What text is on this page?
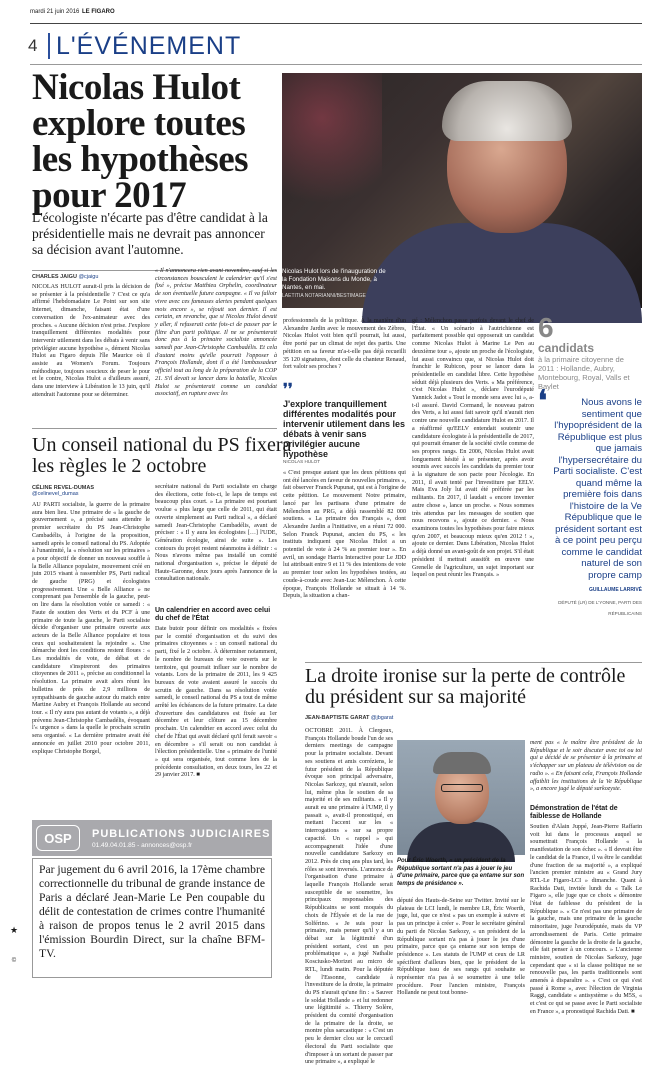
mardi 21 juin 2016 LE FIGARO
4 L'ÉVÉNEMENT
Nicolas Hulot explore toutes les hypothèses pour 2017
L'écologiste n'écarte pas d'être candidat à la présidentielle mais ne devrait pas annoncer sa décision avant l'automne.
Nicolas Hulot lors de l'inauguration de la Fondation Maisons du Monde, à Nantes, en mai.
LAETITIA NOTARIANNI/BESTIMAGE
CHARLES JAIGU @cjaigu
NICOLAS HULOT aurait-il pris la décision de se présenter à la présidentielle ? C'est ce qu'a affirmé l'hebdomadaire Le Point sur son site Internet, dimanche, faisant état d'une conversation de l'ex-animateur avec des proches. « Aucune décision n'est prise. J'explore tranquillement différentes modalités pour intervenir utilement dans les débats à venir sans privilégier aucune hypothèse », dément Nicolas Hulot au Figaro depuis l'île Maurice où il assiste au Women's Forum. Toujours méthodique, toujours soucieux de peser le pour et le contre, Nicolas Hulot a d'ailleurs assuré, dans une interview à Libération le 13 juin, qu'il attendrait l'automne pour se déterminer.
« Il n'annoncera rien avant novembre, sauf si les circonstances bousculent le calendrier qu'il s'est fixé », précise Matthieu Orphelin, coordinateur de son éventuelle future campagne. « Il va falloir vivre avec ces fameuses alertes pendant quelques mois encore », se réjouit son dernier. Il est certain, en revanche, que si Nicolas Hulot devait y aller, il refuserait cette fois-ci de passer par le filtre d'un parti politique. Il ne se présenterait donc pas à la primaire socialiste annoncée samedi par Jean-Christophe Cambadélis. Et cela d'autant moins qu'elle pourrait l'opposer à François Hollande, dont il a été l'ambassadeur officiel tout au long de la préparation de la COP 21. S'il devait se lancer dans la bataille, Nicolas Hulot se présenterait comme un candidat associatif, en rupture avec les
professionnels de la politique. À la manière d'un Alexandre Jardin avec le mouvement des Zèbres, Nicolas Hulot voit bien qu'il pourrait, lui aussi, être porté par un climat de rejet des partis. Une pétition en sa faveur m'a-t-elle pas déjà recueilli 35 120 signatures, dont celle du chanteur Renaud, fort valoir ses proches ?
❜❜
J'explore tranquillement différentes modalités pour intervenir utilement dans les débats à venir sans privilégier aucune hypothèse
NICOLAS HULOT
« C'est presque autant que les deux pétitions qui ont été lancées en faveur de nouvelles primaires », fait observer Franck Pupunat, qui est à l'origine de cette pétition. Le mouvement Notre primaire, lancé par les partisans d'une primaire de Mélenchon au PRG, a déjà rassemblé 82 000 soutiens. « La primaire des Français », dont Alexandre Jardin a l'initiative, en a réuni 72 000. Selon Franck Pupunat, ancien du PS, « les instituts indiquent que Nicolas Hulot a un potentiel de vote à 24 % au premier tour ». En avril, un sondage Harris Interactive pour Le JDD lui attribuait entre 9 et 11 % des intentions de vote au premier tour selon les hypothèses testées, au coude-à-coude avec Jean-Luc Mélenchon. À cette époque, François Hollande se situait à 14 %. Depuis, la situation a chan-
gé : Mélenchon passe parfois devant le chef de l'État. « Un scénario à l'autrichienne est parfaitement possible qui opposerait un candidat comme Nicolas Hulot à Marine Le Pen au deuxième tour », ajoute un proche de l'écologiste, lui aussi convaincu que, si Nicolas Hulot doit franchir le Rubicon, pour se lancer dans la présidentielle en candidat libre. Cette hypothèse séduit déjà plusieurs des Verts. « Ma préférence, c'est Nicolas Hulot », déclare l'eurodéputé Yannick Jadot « Tout le monde sera avec lui », a-t-il assuré. David Cormand, le nouveau patron des Verts, a lui aussi fait savoir qu'il n'aurait rien contre une nouvelle candidature Hulot en 2017. Il a réaffirmé qu'EELV entendait soutenir une candidature écologiste à la présidentielle de 2017, qui pourrait émaner de la société civile comme de ses propres rangs. En 2006, Nicolas Hulot avait longuement hésité à se présenter, après avoir soumis avec succès les candidats du premier tour à la signature de son pacte pour l'écologie. En 2011, il avait tenté par l'investiture par EELV. Mais Eva Joly lui avait été préférée par les militants. En 2017, il laudait « encore inventer autre chose », lance un proche. « Nous sommes très attendus par les messages de soutien que nous recevons », ajoute ce dernier. « Nous examinons toutes les hypothèses pour faire mieux qu'en 2007, et beaucoup mieux qu'en 2012 ! », ajoute ce dernier. Dans Libération, Nicolas Hulot a déjà donné un avant-goût de son projet. S'il était président il mettrait aussitôt en œuvre une Grenelle de l'agriculture, un sujet important sur lequel on peut réunir les Français. »
6
candidats
à la primaire citoyenne de 2011 : Hollande, Aubry, Montebourg, Royal, Valls et Baylet
❛	Nous avons le sentiment que l'hypoprésident de la République est plus que jamais l'hypersecrétaire du Parti socialiste. C'est quand même la première fois dans l'histoire de la Ve République que le président sortant est à ce point peu perçu comme le candidat naturel de son propre camp
GUILLAUME LARRIVÉ
DÉPUTÉ (LR) DE L'YONNE, PARTI DES RÉPUBLICAINS
Un conseil national du PS fixera les règles le 2 octobre
CÉLINE REVEL-DUMAS
@celinevel_dumas
AU PARTI socialiste, la guerre de la primaire aura bien lieu. Une primaire de « la gauche de gouvernement », a précisé sans attendre le premier secrétaire du PS Jean-Christophe Cambadélis, à l'origine de la proposition, samedi après le conseil national du PS. Adoptée à l'unanimité, la « résolution sur les primaires » a pour objectif de donner un nouveau souffle à la Belle Alliance populaire, mouvement créé en juin 2015 visant à rassembler PS, Parti radical de gauche (PRG) et écologistes progressivement. Une « Belle Alliance » ne comprenant pas l'ensemble de la gauche, peut-on lire dans la résolution votée ce samedi : « Faute de soutien des Verts et du PCF à une primaire de toute la gauche, le Parti socialiste décide d'organiser une primaire ouverte aux acteurs de la Belle Alliance populaire et tous ceux qui souhaiteraient la rejoindre ». Une démarche dont les conditions restent floues : « Les modalités de vote, de débat et de candidature s'inspireront des primaires citoyennes de 2011 », précise au conditionnel la résolution. La primaire avait alors réuni les bulletins de près de 2,9 millions de sympathisants de gauche autour du match entre Martine Aubry et François Hollande au second tour. « Il n'y aura pas autant de votants », a déjà prévenu Jean-Christophe Cambadélis, évoquant l'« urgence » dans la quelle le prochain scrutin sera organisé. « La dernière primaire avait été annoncée en juillet 2010 pour octobre 2011, explique Christophe Borgel,
secrétaire national du Parti socialiste en charge des élections, cette fois-ci, le laps de temps est beaucoup plus court. » La primaire est pourtant voulue « plus large que celle de 2011, qui était ouverte simplement au Parti radical », a déclaré samedi Jean-Christophe Cambadélis, avant de préciser : « Il y aura les écologistes […] l'UDE, Génération écologie, ainsi de suite ». Les contours du projet restent néanmoins à définir : « Nous n'avons même pas installé un comité national d'organisation », précise le député de Haute-Garonne, deux jours après l'annonce de la consultation nationale.
Un calendrier en accord avec celui du chef de l'État
Date butoir pour définir ces modalités « fixées par le comité d'organisation et du suivi des primaires citoyennes » : un conseil national du parti, fixé le 2 octobre. À déterminer notamment, le nombre de bureaux de vote ouverts sur le territoire, qui pourrait influer sur le nombre de votants. Lors de la primaire de 2011, les 9 425 bureaux de vote avaient assuré le succès du scrutin de gauche. Dans sa résolution votée samedi, le conseil national du PS a tout de même arrêté les échéances de la future primaire. La date d'ouverture des candidatures est fixée au 1er décembre et leur clôture au 15 décembre prochain. Un calendrier en accord avec celui du chef de l'État qui avait déclaré qu'il ferait savoir « en décembre » s'il serait ou non candidat à l'élection présidentielle. Une « primaire de l'unité » qui sera organisée, tout comme lors de la précédente consultation, en deux tours, les 22 et 29 janvier 2017. ■
OSP	PUBLICATIONS JUDICIAIRES
01.49.04.01.85 - annonces@osp.fr
Par jugement du 6 avril 2016, la 17ème chambre correctionnelle du tribunal de grande instance de Paris a déclaré Jean-Marie Le Pen coupable du délit de contestation de crimes contre l'humanité à raison de propos tenus le 2 avril 2015 dans l'émission Bourdin Direct, sur la chaîne BFM-TV.
La droite ironise sur la perte de contrôle du président sur sa majorité
JEAN-BAPTISTE GARAT @jbgarat
OCTOBRE 2011. À Clergoux, François Hollande boude l'un de ses derniers meetings de campagne pour la primaire socialiste. Devant ses soutiens et amis corréziens, le futur président de la République évoque son principal adversaire, Nicolas Sarkozy, qui n'aurait, selon lui, même plus le soutien de sa majorité et de ses militants. « Il y aurait eu une primaire à l'UMP, il y passait », avait-il pronostiqué, en mettant l'accent sur les « interrogations » sur sa propre capacité. Un « rappel » qui accompagnerait l'idée d'une nouvelle candidature Sarkozy en 2012. Près de cinq ans plus tard, les rôles se sont inversés. L'annonce de l'organisation d'une primaire à laquelle François Hollande serait susceptible de se soumettre, les principaux responsables des Républicains se sont moqués du choix de l'Élysée et de la rue de Solférino. « Je suis pour la primaire, mais penser qu'il y a un débat sur la légitimité d'un président sortant, c'est un peu problématique », a jugé Nathalie Kosciusko-Morizet au micro de RTL, lundi matin. Pour la députée de l'Essonne, candidate à l'investiture de la droite, la primaire du PS n'aurait qu'une fin : « Sauver le soldat Hollande » et lui redonner une légitimité ». Thierry Solère, président du comité d'organisation de la primaire de la droite, se montre plus sarcastique : « C'est un peu le dernier clou sur le cercueil électoral du Parti socialiste que d'imposer à un sortant de passer par une primaire », a expliqué le
Pour Éric Woerth, « un président de la République sortant n'a pas à jouer le jeu d'une primaire, parce que ça entame sur son temps de présidence ».
député des Hauts-de-Seine sur Twitter. Invité sur le plateau de LCI lundi, le membre LR, Éric Woerth, juge, lui, que ce n'est « pas un exemple à suivre et pas un principe à créer ». Pour le secrétaire général du parti de Nicolas Sarkozy, « un président de la République sortant n'a pas à jouer le jeu d'une primaire, parce que ça entame sur son temps de présidence ». Les statuts de l'UMP et ceux de LR spécifient d'ailleurs bien, que le président de la République issu de ses rangs qui souhaite se représenter n'a pas à se soumettre à une telle procédure. Pour l'ancien ministre, François Hollande ne peut tout bonne-
ment pas « le maître être président de la République et le soir discuter avec toi ou toi qui a décidé de se présenter à la primaire et s'échapper sur un plateau de télévision ou de radio ». « En faisant cela, François Hollande affaiblit les institutions de la Ve République », a encore jugé le député sarkozyste.
Démonstration de l'état de faiblesse de Hollande
Soutien d'Alain Juppé, Jean-Pierre Raffarin voit lui dans le processus auquel se soumettrait François Hollande « la manifestation de son échec ». « Il devrait être le candidat de la France, il va être le candidat d'une fraction de sa majorité », a expliqué l'ancien premier ministre au « Grand Jury RTL-Le Figaro-LCI » dimanche. Quant à Rachida Dati, invitée lundi du « Talk Le Figaro », elle juge que ce choix « démontre l'état de faiblesse du président de la République ». « Ce n'est pas une primaire de la gauche, mais une primaire de la gauche minoritaire, juge l'eurodéputée, mais du VP arrondissement de Paris. Cette primaire démontre la gauche de la droite de la gauche, elle fait penser à un concours. » L'ancienne ministre, soutien de Nicolas Sarkozy, juge cependant que « si la classe politique ne se renouvelle pas, les partis traditionnels sont amenés à disparaître ». « C'est ce qui s'est passé à Rome », avec l'élection de Virginia Raggi, candidate « antisystème » du M5S, « et c'est ce qui se passe avec le Parti socialiste en France », a pronostiqué Rachida Dati. ■
★
©
